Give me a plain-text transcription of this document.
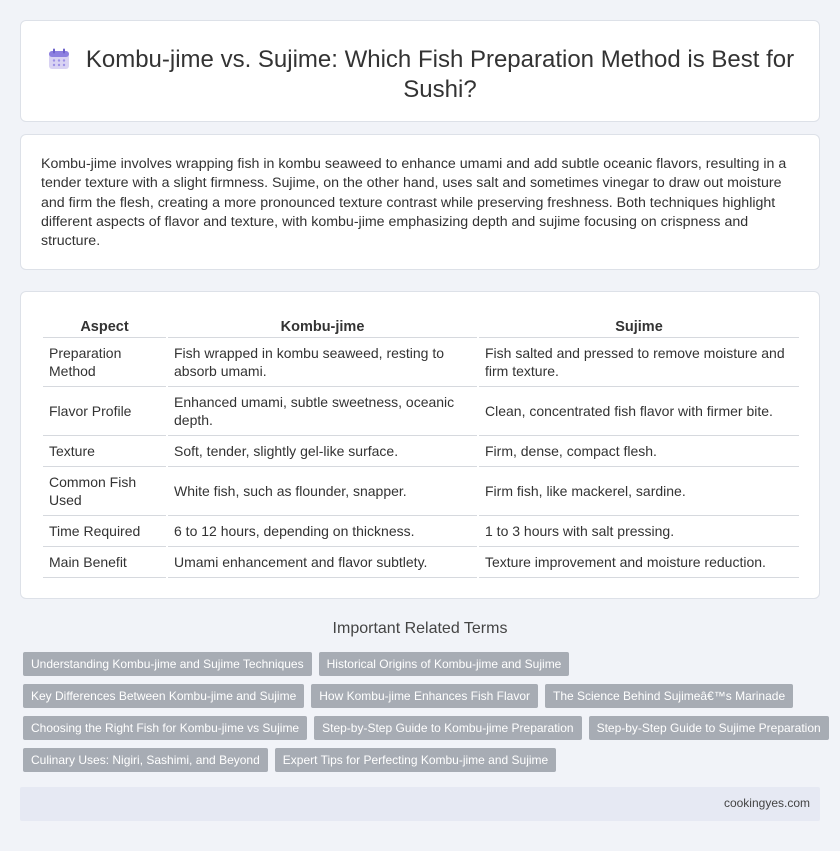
Kombu-jime vs. Sujime: Which Fish Preparation Method is Best for Sushi?

Kombu-jime involves wrapping fish in kombu seaweed to enhance umami and add subtle oceanic flavors, resulting in a tender texture with a slight firmness. Sujime, on the other hand, uses salt and sometimes vinegar to draw out moisture and firm the flesh, creating a more pronounced texture contrast while preserving freshness. Both techniques highlight different aspects of flavor and texture, with kombu-jime emphasizing depth and sujime focusing on crispness and structure.

Aspect	Kombu-jime	Sujime
Preparation Method	Fish wrapped in kombu seaweed, resting to absorb umami.	Fish salted and pressed to remove moisture and firm texture.
Flavor Profile	Enhanced umami, subtle sweetness, oceanic depth.	Clean, concentrated fish flavor with firmer bite.
Texture	Soft, tender, slightly gel-like surface.	Firm, dense, compact flesh.
Common Fish Used	White fish, such as flounder, snapper.	Firm fish, like mackerel, sardine.
Time Required	6 to 12 hours, depending on thickness.	1 to 3 hours with salt pressing.
Main Benefit	Umami enhancement and flavor subtlety.	Texture improvement and moisture reduction.
Important Related Terms
Understanding Kombu-jime and Sujime Techniques	Historical Origins of Kombu-jime and Sujime
Key Differences Between Kombu-jime and Sujime	How Kombu-jime Enhances Fish Flavor	The Science Behind Sujimeâ€™s Marinade
Choosing the Right Fish for Kombu-jime vs Sujime	Step-by-Step Guide to Kombu-jime Preparation	Step-by-Step Guide to Sujime Preparation
Culinary Uses: Nigiri, Sashimi, and Beyond	Expert Tips for Perfecting Kombu-jime and Sujime
cookingyes.com
